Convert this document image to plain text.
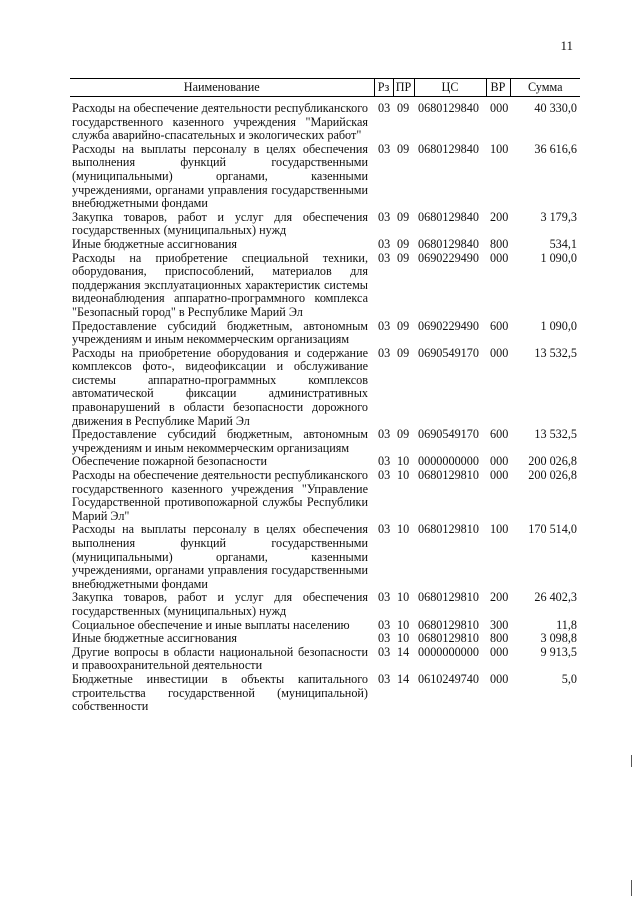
11
Наименование	Рз	ПР	ЦС	ВР	Сумма
Расходы на обеспечение деятельности республиканского государственного казенного учреждения "Марийская служба аварийно-спасательных и экологических работ"	03	09	0680129840	000	40 330,0
Расходы на выплаты персоналу в целях обеспечения выполнения функций государственными (муниципальными) органами, казенными учреждениями, органами управления государственными внебюджетными фондами	03	09	0680129840	100	36 616,6
Закупка товаров, работ и услуг для обеспечения государственных (муниципальных) нужд	03	09	0680129840	200	3 179,3
Иные бюджетные ассигнования	03	09	0680129840	800	534,1
Расходы на приобретение специальной техники, оборудования, приспособлений, материалов для поддержания эксплуатационных характеристик системы видеонаблюдения аппаратно-программного комплекса "Безопасный город" в Республике Марий Эл	03	09	0690229490	000	1 090,0
Предоставление субсидий бюджетным, автономным учреждениям и иным некоммерческим организациям	03	09	0690229490	600	1 090,0
Расходы на приобретение оборудования и содержание комплексов фото-, видеофиксации и обслуживание системы аппаратно-программных комплексов автоматической фиксации административных правонарушений в области безопасности дорожного движения в Республике Марий Эл	03	09	0690549170	000	13 532,5
Предоставление субсидий бюджетным, автономным учреждениям и иным некоммерческим организациям	03	09	0690549170	600	13 532,5
Обеспечение пожарной безопасности	03	10	0000000000	000	200 026,8
Расходы на обеспечение деятельности республиканского государственного казенного учреждения "Управление Государственной противопожарной службы Республики Марий Эл"	03	10	0680129810	000	200 026,8
Расходы на выплаты персоналу в целях обеспечения выполнения функций государственными (муниципальными) органами, казенными учреждениями, органами управления государственными внебюджетными фондами	03	10	0680129810	100	170 514,0
Закупка товаров, работ и услуг для обеспечения государственных (муниципальных) нужд	03	10	0680129810	200	26 402,3
Социальное обеспечение и иные выплаты населению	03	10	0680129810	300	11,8
Иные бюджетные ассигнования	03	10	0680129810	800	3 098,8
Другие вопросы в области национальной безопасности и правоохранительной деятельности	03	14	0000000000	000	9 913,5
Бюджетные инвестиции в объекты капитального строительства государственной (муниципальной) собственности	03	14	0610249740	000	5,0
